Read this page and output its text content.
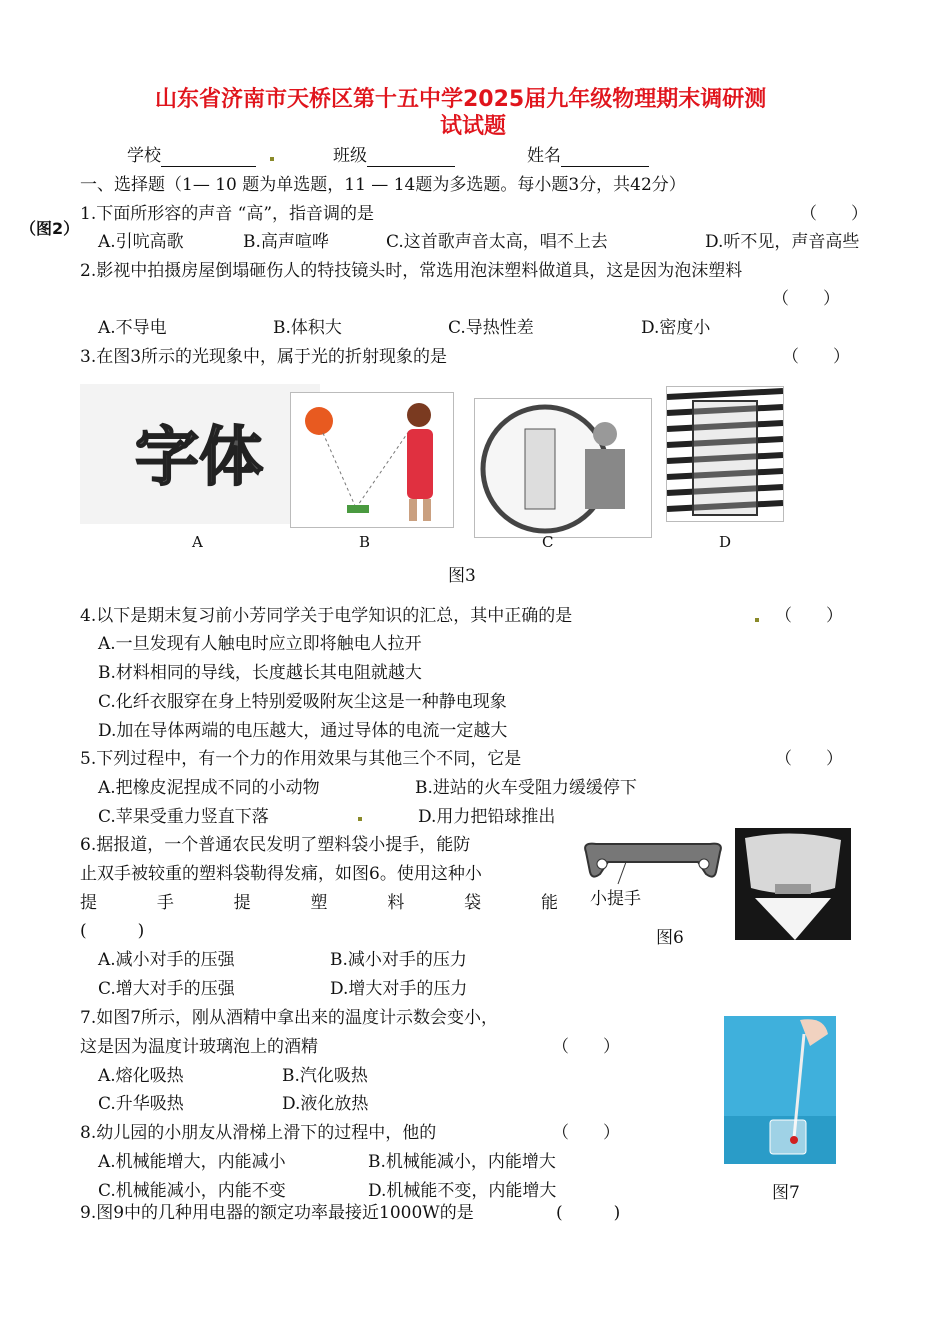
山东省济南市天桥区第十五中学2025届九年级物理期末调研测
试试题
学校	班级	姓名
一、选择题（1— 10 题为单选题，11 — 14题为多选题。每小题3分，共42分）
（图2）
1.下面所形容的声音 “高”，指音调的是	（　　）
A.引吭高歌	B.高声喧哗	C.这首歌声音太高，唱不上去	D.听不见，声音高些
2.影视中拍摄房屋倒塌砸伤人的特技镜头时，常选用泡沫塑料做道具，这是因为泡沫塑料
（　　）
A.不导电	B.体积大	C.导热性差	D.密度小
3.在图3所示的光现象中，属于光的折射现象的是	（　　）
字体
A	B	C	D
图3
4.以下是期末复习前小芳同学关于电学知识的汇总，其中正确的是	（　　）
A.一旦发现有人触电时应立即将触电人拉开
B.材料相同的导线，长度越长其电阻就越大
C.化纤衣服穿在身上特别爱吸附灰尘这是一种静电现象
D.加在导体两端的电压越大，通过导体的电流一定越大
5.下列过程中，有一个力的作用效果与其他三个不同，它是	（　　）
A.把橡皮泥捏成不同的小动物	B.进站的火车受阻力缓缓停下
C.苹果受重力竖直下落	D.用力把铅球推出
6.据报道，一个普通农民发明了塑料袋小提手，能防
止双手被较重的塑料袋勒得发痛，如图6。使用这种小
提	手	提	塑	料	袋	能
(　　　)
A.减小对手的压强	B.减小对手的压力
C.增大对手的压强	D.增大对手的压力
小提手
图6
7.如图7所示，刚从酒精中拿出来的温度计示数会变小，
这是因为温度计玻璃泡上的酒精	（　　）
A.熔化吸热	B.汽化吸热
C.升华吸热	D.液化放热
图7
8.幼儿园的小朋友从滑梯上滑下的过程中，他的	（　　）
A.机械能增大，内能减小	B.机械能减小，内能增大
C.机械能减小，内能不变	D.机械能不变，内能增大
9.图9中的几种用电器的额定功率最接近1000W的是	(　　　)
